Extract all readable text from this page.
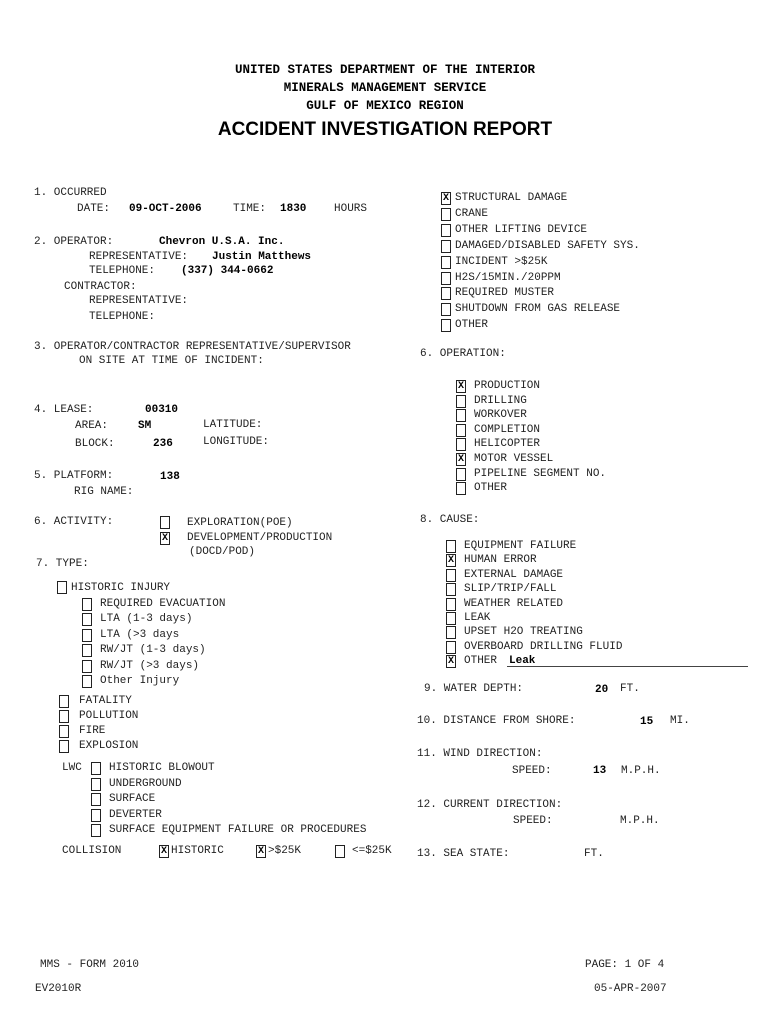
UNITED STATES DEPARTMENT OF THE INTERIOR
MINERALS MANAGEMENT SERVICE
GULF OF MEXICO REGION
ACCIDENT INVESTIGATION REPORT
1. OCCURRED
DATE: 09-OCT-2006	TIME: 1830	HOURS
2. OPERATOR:	Chevron U.S.A. Inc.
REPRESENTATIVE: Justin Matthews
TELEPHONE: (337) 344-0662
CONTRACTOR:
REPRESENTATIVE:
TELEPHONE:
3. OPERATOR/CONTRACTOR REPRESENTATIVE/SUPERVISOR
ON SITE AT TIME OF INCIDENT:
4. LEASE:	00310
AREA:	SM	LATITUDE:
BLOCK:	236	LONGITUDE:
5. PLATFORM:	138
RIG NAME:
6. ACTIVITY:	EXPLORATION(POE)
X DEVELOPMENT/PRODUCTION
(DOCD/POD)
7. TYPE:
HISTORIC INJURY
REQUIRED EVACUATION
LTA (1-3 days)
LTA (>3 days
RW/JT (1-3 days)
RW/JT (>3 days)
Other Injury
FATALITY
POLLUTION
FIRE
EXPLOSION
LWC HISTORIC BLOWOUT
UNDERGROUND
SURFACE
DEVERTER
SURFACE EQUIPMENT FAILURE OR PROCEDURES
COLLISION	X HISTORIC	X >$25K	<=$25K
X STRUCTURAL DAMAGE
CRANE
OTHER LIFTING DEVICE
DAMAGED/DISABLED SAFETY SYS.
INCIDENT >$25K
H2S/15MIN./20PPM
REQUIRED MUSTER
SHUTDOWN FROM GAS RELEASE
OTHER
6. OPERATION:
X PRODUCTION
DRILLING
WORKOVER
COMPLETION
HELICOPTER
X MOTOR VESSEL
PIPELINE SEGMENT NO.
OTHER
8. CAUSE:
EQUIPMENT FAILURE
X HUMAN ERROR
EXTERNAL DAMAGE
SLIP/TRIP/FALL
WEATHER RELATED
LEAK
UPSET H2O TREATING
OVERBOARD DRILLING FLUID
X OTHER Leak
9. WATER DEPTH:	20 FT.
10. DISTANCE FROM SHORE:	15 MI.
11. WIND DIRECTION:
SPEED:	13 M.P.H.
12. CURRENT DIRECTION:
SPEED:	M.P.H.
13. SEA STATE:	FT.
MMS - FORM 2010
EV2010R
PAGE: 1 OF 4
05-APR-2007
